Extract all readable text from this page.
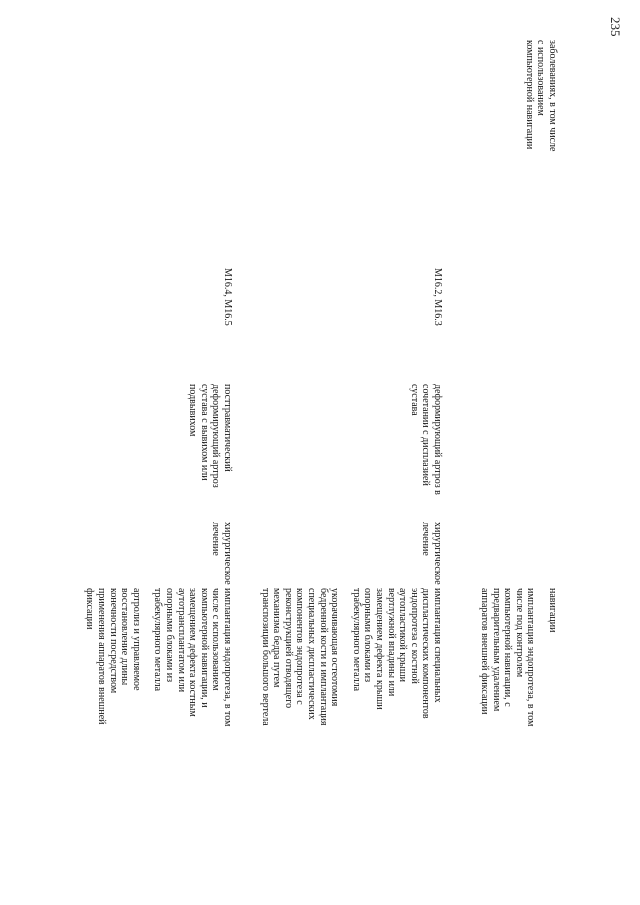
235
заболеваниях, в том числе
с использованием
компьютерной навигации
навигации
имплантация эндопротеза, в том
числе под контролем
компьютерной навигации, с
предварительным удалением
аппаратов внешней фиксации
M16.2, M16.3
деформирующий артроз в
сочетании с дисплазией
сустава
хирургическое
лечение
имплантация специальных
диспластических компонентов
эндопротеза с костной
аутопластикой крыши
вертлужной впадины или
замещением дефекта крыши
опорными блоками из
трабекулярного металла
укорачивающая остеотомия
бедренной кости и имплантация
специальных диспластических
компонентов эндопротеза с
реконструкцией отводящего
механизма бедра путем
транспозиции большого вертела
M16.4, M16.5
посттравматический
деформирующий артроз
сустава с вывихом или
подвывихом
хирургическое
лечение
имплантация эндопротеза, в том
числе с использованием
компьютерной навигации, и
замещением дефекта костным
аутотрансплантатом или
опорными блоками из
трабекулярного металла
артролиз и управляемое
восстановление длины
конечности посредством
применения аппаратов внешней
фиксации
